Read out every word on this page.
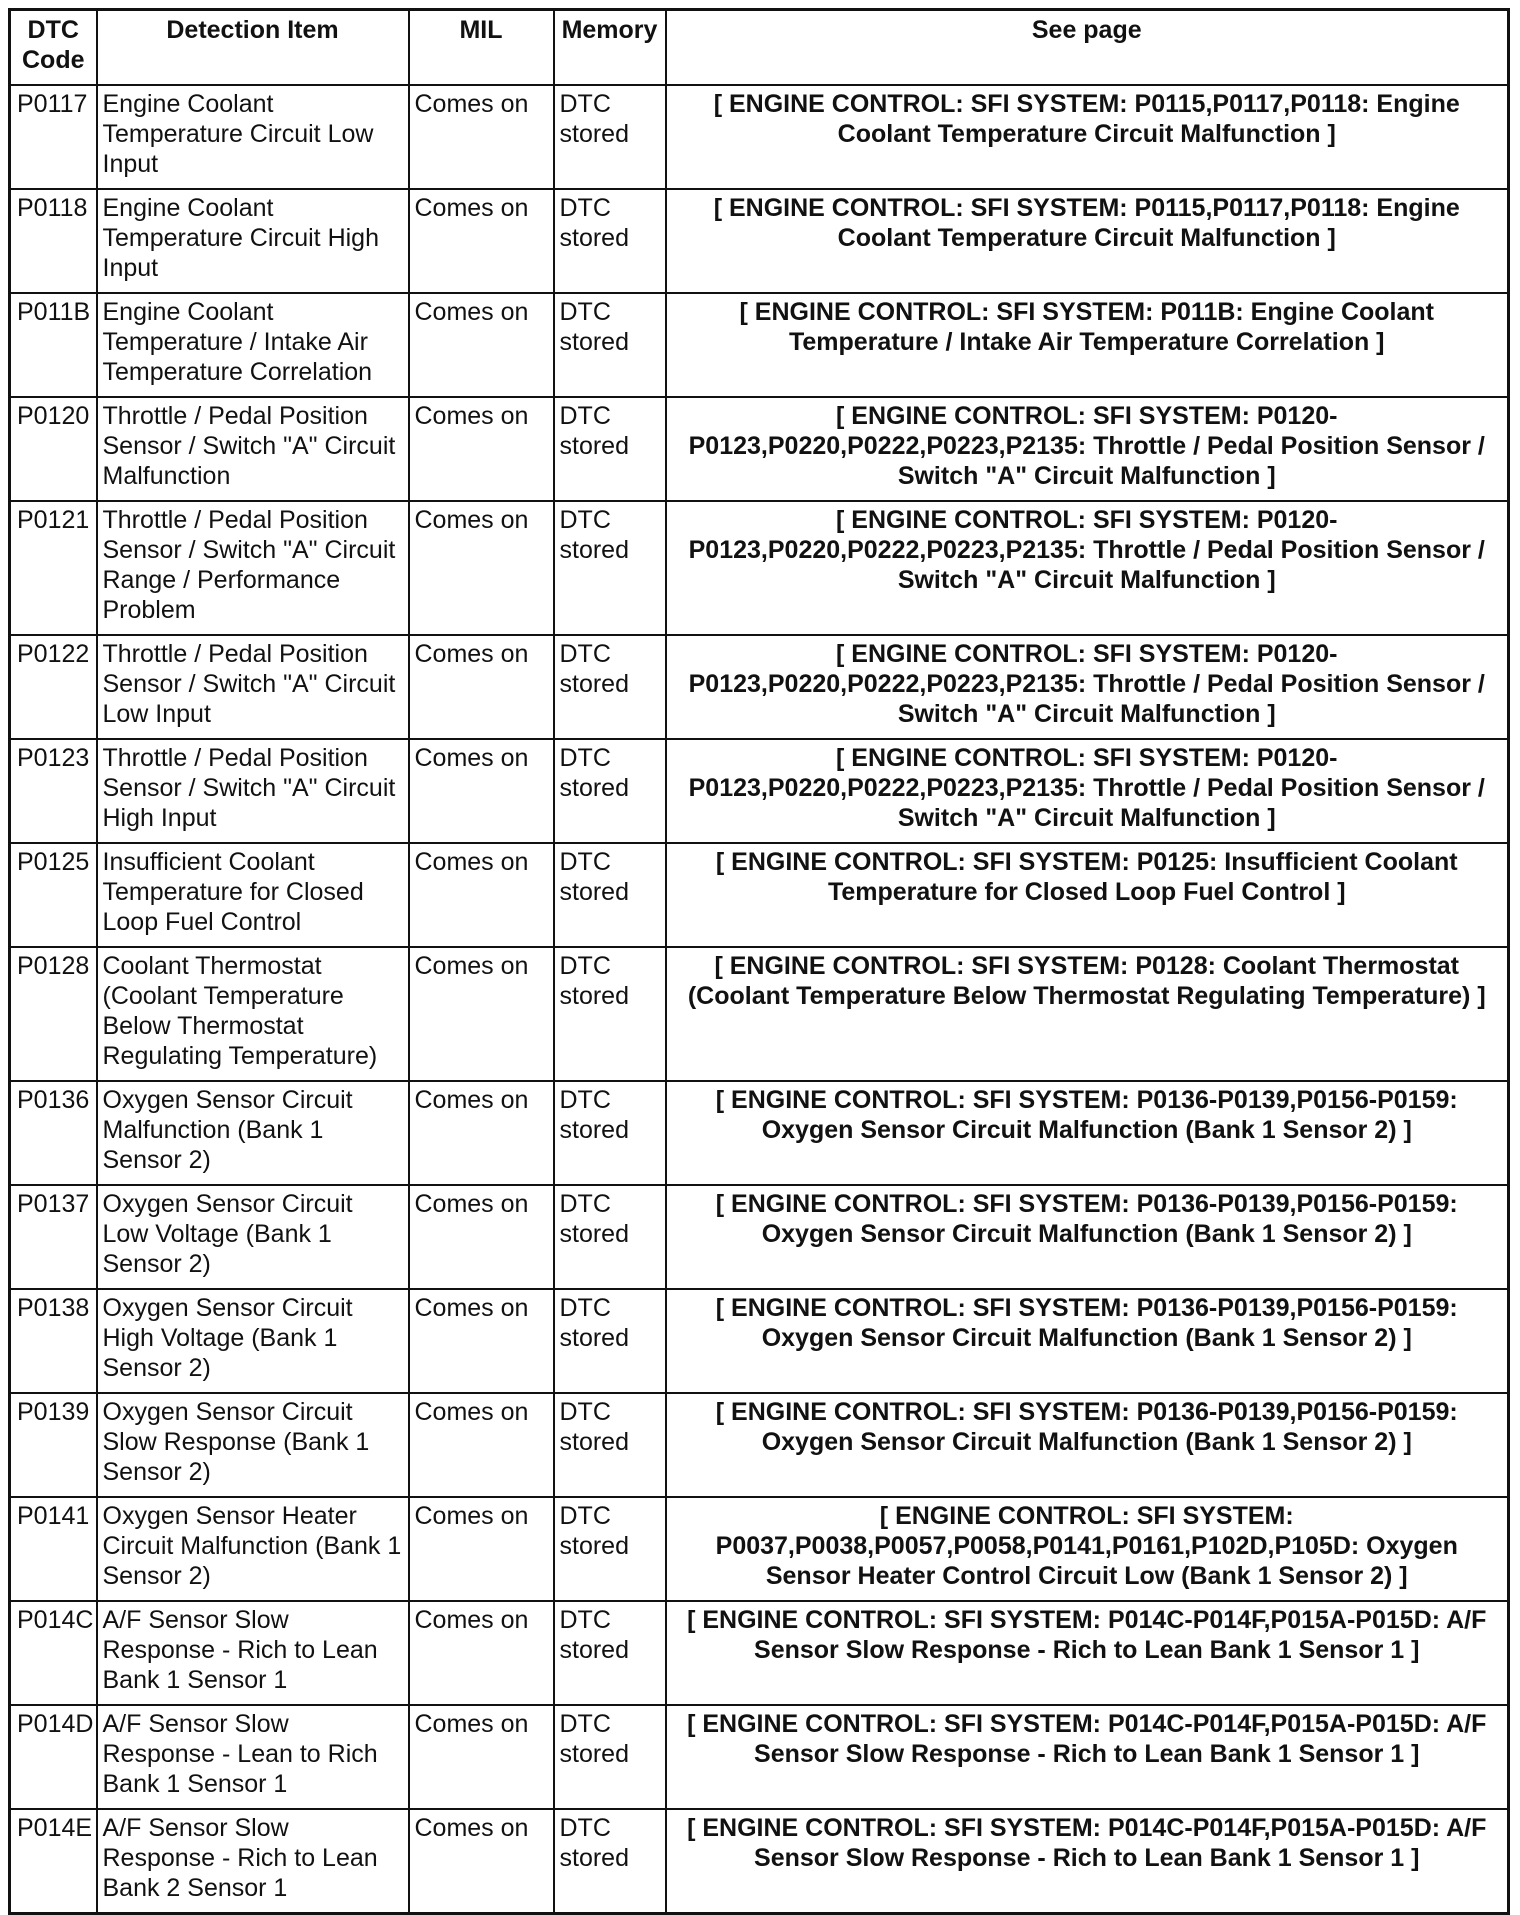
DTC Code	Detection Item	MIL	Memory	See page
P0117	Engine Coolant Temperature Circuit Low Input	Comes on	DTC stored	[ ENGINE CONTROL: SFI SYSTEM: P0115,P0117,P0118: Engine Coolant Temperature Circuit Malfunction ]
P0118	Engine Coolant Temperature Circuit High Input	Comes on	DTC stored	[ ENGINE CONTROL: SFI SYSTEM: P0115,P0117,P0118: Engine Coolant Temperature Circuit Malfunction ]
P011B	Engine Coolant Temperature / Intake Air Temperature Correlation	Comes on	DTC stored	[ ENGINE CONTROL: SFI SYSTEM: P011B: Engine Coolant Temperature / Intake Air Temperature Correlation ]
P0120	Throttle / Pedal Position Sensor / Switch "A" Circuit Malfunction	Comes on	DTC stored	[ ENGINE CONTROL: SFI SYSTEM: P0120-P0123,P0220,P0222,P0223,P2135: Throttle / Pedal Position Sensor / Switch "A" Circuit Malfunction ]
P0121	Throttle / Pedal Position Sensor / Switch "A" Circuit Range / Performance Problem	Comes on	DTC stored	[ ENGINE CONTROL: SFI SYSTEM: P0120-P0123,P0220,P0222,P0223,P2135: Throttle / Pedal Position Sensor / Switch "A" Circuit Malfunction ]
P0122	Throttle / Pedal Position Sensor / Switch "A" Circuit Low Input	Comes on	DTC stored	[ ENGINE CONTROL: SFI SYSTEM: P0120-P0123,P0220,P0222,P0223,P2135: Throttle / Pedal Position Sensor / Switch "A" Circuit Malfunction ]
P0123	Throttle / Pedal Position Sensor / Switch "A" Circuit High Input	Comes on	DTC stored	[ ENGINE CONTROL: SFI SYSTEM: P0120-P0123,P0220,P0222,P0223,P2135: Throttle / Pedal Position Sensor / Switch "A" Circuit Malfunction ]
P0125	Insufficient Coolant Temperature for Closed Loop Fuel Control	Comes on	DTC stored	[ ENGINE CONTROL: SFI SYSTEM: P0125: Insufficient Coolant Temperature for Closed Loop Fuel Control ]
P0128	Coolant Thermostat (Coolant Temperature Below Thermostat Regulating Temperature)	Comes on	DTC stored	[ ENGINE CONTROL: SFI SYSTEM: P0128: Coolant Thermostat (Coolant Temperature Below Thermostat Regulating Temperature) ]
P0136	Oxygen Sensor Circuit Malfunction (Bank 1 Sensor 2)	Comes on	DTC stored	[ ENGINE CONTROL: SFI SYSTEM: P0136-P0139,P0156-P0159: Oxygen Sensor Circuit Malfunction (Bank 1 Sensor 2) ]
P0137	Oxygen Sensor Circuit Low Voltage (Bank 1 Sensor 2)	Comes on	DTC stored	[ ENGINE CONTROL: SFI SYSTEM: P0136-P0139,P0156-P0159: Oxygen Sensor Circuit Malfunction (Bank 1 Sensor 2) ]
P0138	Oxygen Sensor Circuit High Voltage (Bank 1 Sensor 2)	Comes on	DTC stored	[ ENGINE CONTROL: SFI SYSTEM: P0136-P0139,P0156-P0159: Oxygen Sensor Circuit Malfunction (Bank 1 Sensor 2) ]
P0139	Oxygen Sensor Circuit Slow Response (Bank 1 Sensor 2)	Comes on	DTC stored	[ ENGINE CONTROL: SFI SYSTEM: P0136-P0139,P0156-P0159: Oxygen Sensor Circuit Malfunction (Bank 1 Sensor 2) ]
P0141	Oxygen Sensor Heater Circuit Malfunction (Bank 1 Sensor 2)	Comes on	DTC stored	[ ENGINE CONTROL: SFI SYSTEM: P0037,P0038,P0057,P0058,P0141,P0161,P102D,P105D: Oxygen Sensor Heater Control Circuit Low (Bank 1 Sensor 2) ]
P014C	A/F Sensor Slow Response - Rich to Lean Bank 1 Sensor 1	Comes on	DTC stored	[ ENGINE CONTROL: SFI SYSTEM: P014C-P014F,P015A-P015D: A/F Sensor Slow Response - Rich to Lean Bank 1 Sensor 1 ]
P014D	A/F Sensor Slow Response - Lean to Rich Bank 1 Sensor 1	Comes on	DTC stored	[ ENGINE CONTROL: SFI SYSTEM: P014C-P014F,P015A-P015D: A/F Sensor Slow Response - Rich to Lean Bank 1 Sensor 1 ]
P014E	A/F Sensor Slow Response - Rich to Lean Bank 2 Sensor 1	Comes on	DTC stored	[ ENGINE CONTROL: SFI SYSTEM: P014C-P014F,P015A-P015D: A/F Sensor Slow Response - Rich to Lean Bank 1 Sensor 1 ]
